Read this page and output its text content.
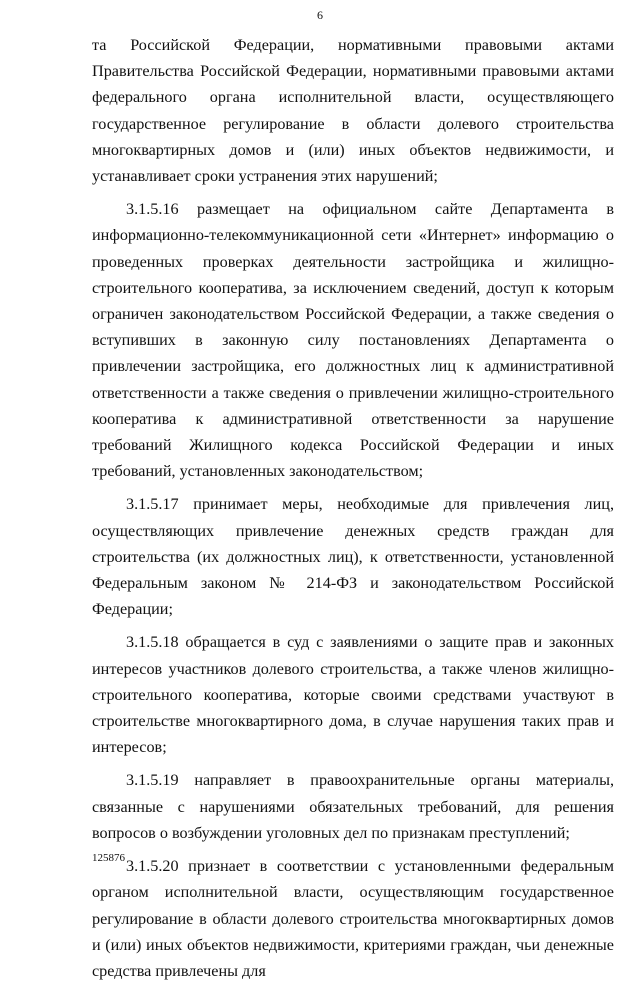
6

та Российской Федерации, нормативными правовыми актами Правительства Российской Федерации, нормативными правовыми актами федерального органа исполнительной власти, осуществляющего государственное регулирование в области долевого строительства многоквартирных домов и (или) иных объектов недвижимости, и устанавливает сроки устранения этих нарушений;

3.1.5.16 размещает на официальном сайте Департамента в информационно-телекоммуникационной сети «Интернет» информацию о проведенных проверках деятельности застройщика и жилищно-строительного кооператива, за исключением сведений, доступ к которым ограничен законодательством Российской Федерации, а также сведения о вступивших в законную силу постановлениях Департамента о привлечении застройщика, его должностных лиц к административной ответственности а также сведения о привлечении жилищно-строительного кооператива к административной ответственности за нарушение требований Жилищного кодекса Российской Федерации и иных требований, установленных законодательством;

3.1.5.17 принимает меры, необходимые для привлечения лиц, осуществляющих привлечение денежных средств граждан для строительства (их должностных лиц), к ответственности, установленной Федеральным законом № 214-ФЗ и законодательством Российской Федерации;

3.1.5.18 обращается в суд с заявлениями о защите прав и законных интересов участников долевого строительства, а также членов жилищно-строительного кооператива, которые своими средствами участвуют в строительстве многоквартирного дома, в случае нарушения таких прав и интересов;

3.1.5.19 направляет в правоохранительные органы материалы, связанные с нарушениями обязательных требований, для решения вопросов о возбуждении уголовных дел по признакам преступлений;

3.1.5.20 признает в соответствии с установленными федеральным органом исполнительной власти, осуществляющим государственное регулирование в области долевого строительства многоквартирных домов и (или) иных объектов недвижимости, критериями граждан, чьи денежные средства привлечены для

125876
